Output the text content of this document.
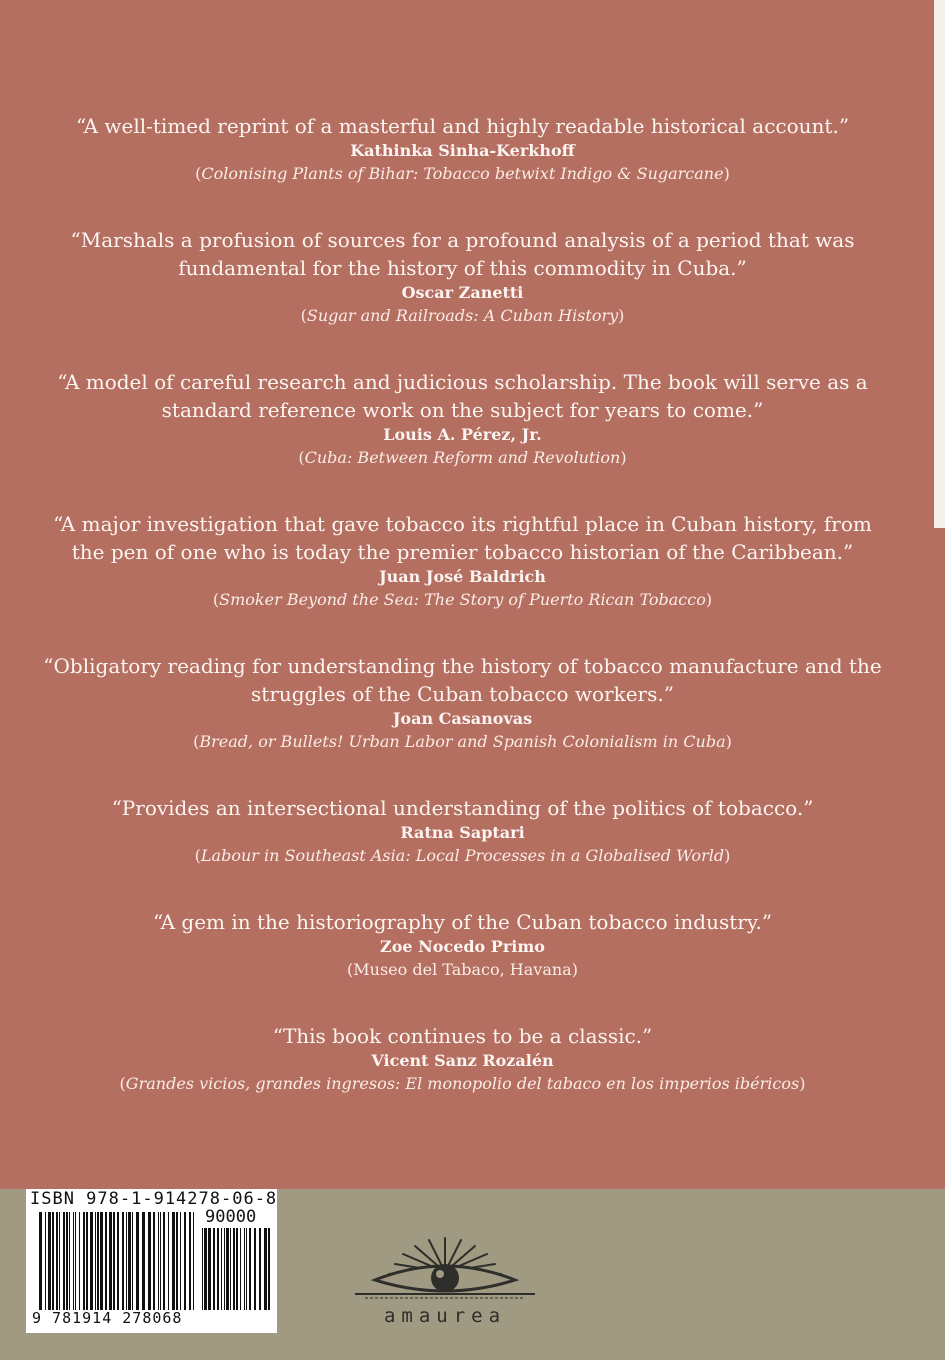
“A well-timed reprint of a masterful and highly readable historical account.”
Kathinka Sinha-Kerkhoff
(Colonising Plants of Bihar: Tobacco betwixt Indigo & Sugarcane)
“Marshals a profusion of sources for a profound analysis of a period that was fundamental for the history of this commodity in Cuba.”
Oscar Zanetti
(Sugar and Railroads: A Cuban History)
“A model of careful research and judicious scholarship. The book will serve as a standard reference work on the subject for years to come.”
Louis A. Pérez, Jr.
(Cuba: Between Reform and Revolution)
“A major investigation that gave tobacco its rightful place in Cuban history, from the pen of one who is today the premier tobacco historian of the Caribbean.”
Juan José Baldrich
(Smoker Beyond the Sea: The Story of Puerto Rican Tobacco)
“Obligatory reading for understanding the history of tobacco manufacture and the struggles of the Cuban tobacco workers.”
Joan Casanovas
(Bread, or Bullets! Urban Labor and Spanish Colonialism in Cuba)
“Provides an intersectional understanding of the politics of tobacco.”
Ratna Saptari
(Labour in Southeast Asia: Local Processes in a Globalised World)
“A gem in the historiography of the Cuban tobacco industry.”
Zoe Nocedo Primo
(Museo del Tabaco, Havana)
“This book continues to be a classic.”
Vicent Sanz Rozalén
(Grandes vicios, grandes ingresos: El monopolio del tabaco en los imperios ibéricos)
ISBN 978-1-914278-06-8
90000
9 781914 278068	amaurea
